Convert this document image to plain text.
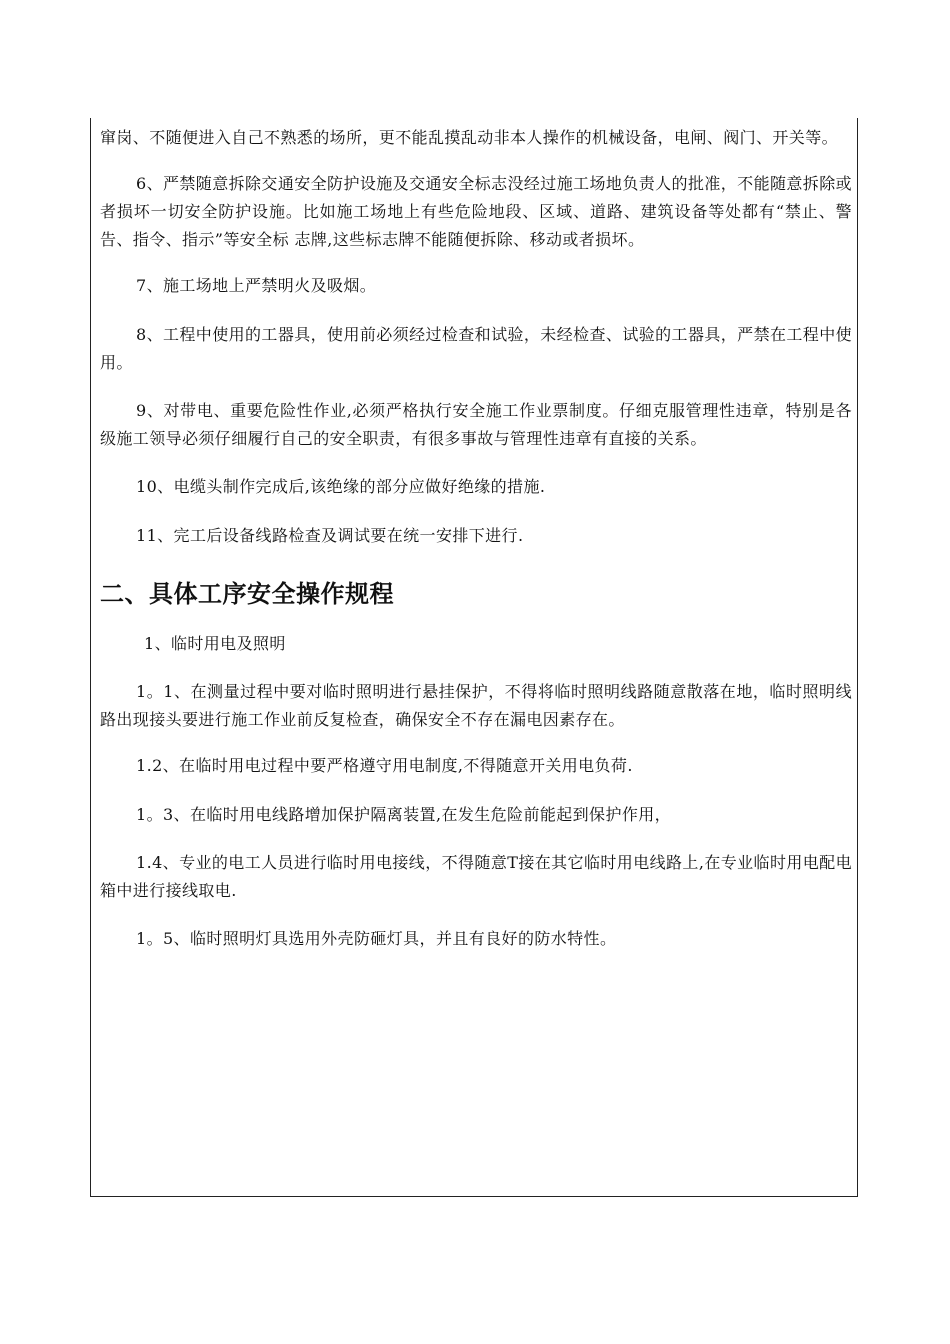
窜岗、不随便进入自己不熟悉的场所，更不能乱摸乱动非本人操作的机械设备，电闸、阀门、开关等。

6、严禁随意拆除交通安全防护设施及交通安全标志没经过施工场地负责人的批准，不能随意拆除或者损坏一切安全防护设施。比如施工场地上有些危险地段、区域、道路、建筑设备等处都有“禁止、警告、指令、指示”等安全标 志牌,这些标志牌不能随便拆除、移动或者损坏。

7、施工场地上严禁明火及吸烟。

8、工程中使用的工器具，使用前必须经过检查和试验，未经检查、试验的工器具，严禁在工程中使用。

9、对带电、重要危险性作业,必须严格执行安全施工作业票制度。仔细克服管理性违章，特别是各级施工领导必须仔细履行自己的安全职责，有很多事故与管理性违章有直接的关系。

10、电缆头制作完成后,该绝缘的部分应做好绝缘的措施.

11、完工后设备线路检查及调试要在统一安排下进行.

二、具体工序安全操作规程

1、临时用电及照明

1。1、在测量过程中要对临时照明进行悬挂保护，不得将临时照明线路随意散落在地，临时照明线路出现接头要进行施工作业前反复检查，确保安全不存在漏电因素存在。

1.2、在临时用电过程中要严格遵守用电制度,不得随意开关用电负荷.

1。3、在临时用电线路增加保护隔离装置,在发生危险前能起到保护作用，

1.4、专业的电工人员进行临时用电接线，不得随意T接在其它临时用电线路上,在专业临时用电配电箱中进行接线取电.

1。5、临时照明灯具选用外壳防砸灯具，并且有良好的防水特性。
